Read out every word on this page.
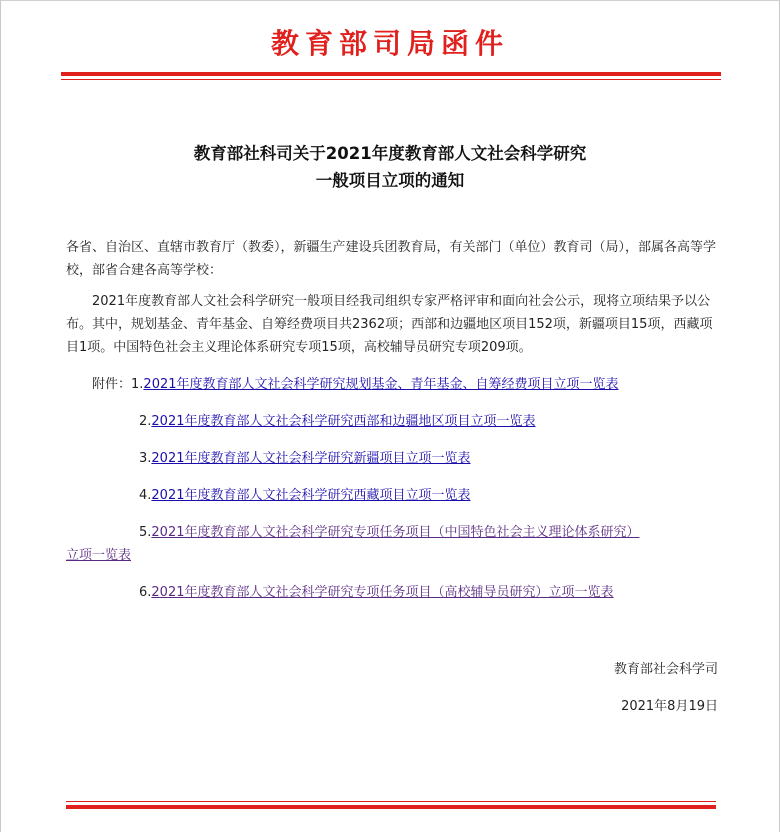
教育部司局函件
教育部社科司关于2021年度教育部人文社会科学研究
一般项目立项的通知

各省、自治区、直辖市教育厅（教委），新疆生产建设兵团教育局，有关部门（单位）教育司（局），部属各高等学校，部省合建各高等学校：

2021年度教育部人文社会科学研究一般项目经我司组织专家严格评审和面向社会公示，现将立项结果予以公布。其中，规划基金、青年基金、自筹经费项目共2362项；西部和边疆地区项目152项，新疆项目15项，西藏项目1项。中国特色社会主义理论体系研究专项15项，高校辅导员研究专项209项。

附件：1.2021年度教育部人文社会科学研究规划基金、青年基金、自筹经费项目立项一览表
2.2021年度教育部人文社会科学研究西部和边疆地区项目立项一览表
3.2021年度教育部人文社会科学研究新疆项目立项一览表
4.2021年度教育部人文社会科学研究西藏项目立项一览表
5.2021年度教育部人文社会科学研究专项任务项目（中国特色社会主义理论体系研究）
立项一览表
6.2021年度教育部人文社会科学研究专项任务项目（高校辅导员研究）立项一览表
教育部社会科学司
2021年8月19日
